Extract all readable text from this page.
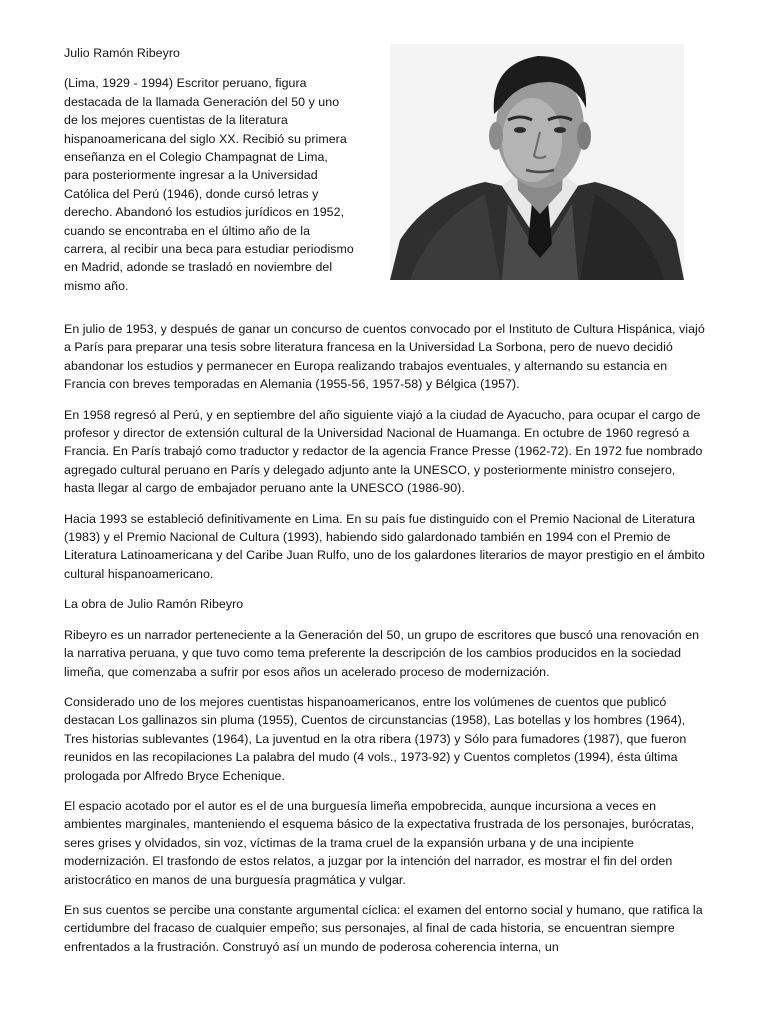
Julio Ramón Ribeyro

(Lima, 1929 - 1994) Escritor peruano, figura destacada de la llamada Generación del 50 y uno de los mejores cuentistas de la literatura hispanoamericana del siglo XX. Recibió su primera enseñanza en el Colegio Champagnat de Lima, para posteriormente ingresar a la Universidad Católica del Perú (1946), donde cursó letras y derecho. Abandonó los estudios jurídicos en 1952, cuando se encontraba en el último año de la carrera, al recibir una beca para estudiar periodismo en Madrid, adonde se trasladó en noviembre del mismo año.

En julio de 1953, y después de ganar un concurso de cuentos convocado por el Instituto de Cultura Hispánica, viajó a París para preparar una tesis sobre literatura francesa en la Universidad La Sorbona, pero de nuevo decidió abandonar los estudios y permanecer en Europa realizando trabajos eventuales, y alternando su estancia en Francia con breves temporadas en Alemania (1955-56, 1957-58) y Bélgica (1957).

En 1958 regresó al Perú, y en septiembre del año siguiente viajó a la ciudad de Ayacucho, para ocupar el cargo de profesor y director de extensión cultural de la Universidad Nacional de Huamanga. En octubre de 1960 regresó a Francia. En París trabajó como traductor y redactor de la agencia France Presse (1962-72). En 1972 fue nombrado agregado cultural peruano en París y delegado adjunto ante la UNESCO, y posteriormente ministro consejero, hasta llegar al cargo de embajador peruano ante la UNESCO (1986-90).

Hacia 1993 se estableció definitivamente en Lima. En su país fue distinguido con el Premio Nacional de Literatura (1983) y el Premio Nacional de Cultura (1993), habiendo sido galardonado también en 1994 con el Premio de Literatura Latinoamericana y del Caribe Juan Rulfo, uno de los galardones literarios de mayor prestigio en el ámbito cultural hispanoamericano.

La obra de Julio Ramón Ribeyro

Ribeyro es un narrador perteneciente a la Generación del 50, un grupo de escritores que buscó una renovación en la narrativa peruana, y que tuvo como tema preferente la descripción de los cambios producidos en la sociedad limeña, que comenzaba a sufrir por esos años un acelerado proceso de modernización.

Considerado uno de los mejores cuentistas hispanoamericanos, entre los volúmenes de cuentos que publicó destacan Los gallinazos sin pluma (1955), Cuentos de circunstancias (1958), Las botellas y los hombres (1964), Tres historias sublevantes (1964), La juventud en la otra ribera (1973) y Sólo para fumadores (1987), que fueron reunidos en las recopilaciones La palabra del mudo (4 vols., 1973-92) y Cuentos completos (1994), ésta última prologada por Alfredo Bryce Echenique.

El espacio acotado por el autor es el de una burguesía limeña empobrecida, aunque incursiona a veces en ambientes marginales, manteniendo el esquema básico de la expectativa frustrada de los personajes, burócratas, seres grises y olvidados, sin voz, víctimas de la trama cruel de la expansión urbana y de una incipiente modernización. El trasfondo de estos relatos, a juzgar por la intención del narrador, es mostrar el fin del orden aristocrático en manos de una burguesía pragmática y vulgar.

En sus cuentos se percibe una constante argumental cíclica: el examen del entorno social y humano, que ratifica la certidumbre del fracaso de cualquier empeño; sus personajes, al final de cada historia, se encuentran siempre enfrentados a la frustración. Construyó así un mundo de poderosa coherencia interna, un
